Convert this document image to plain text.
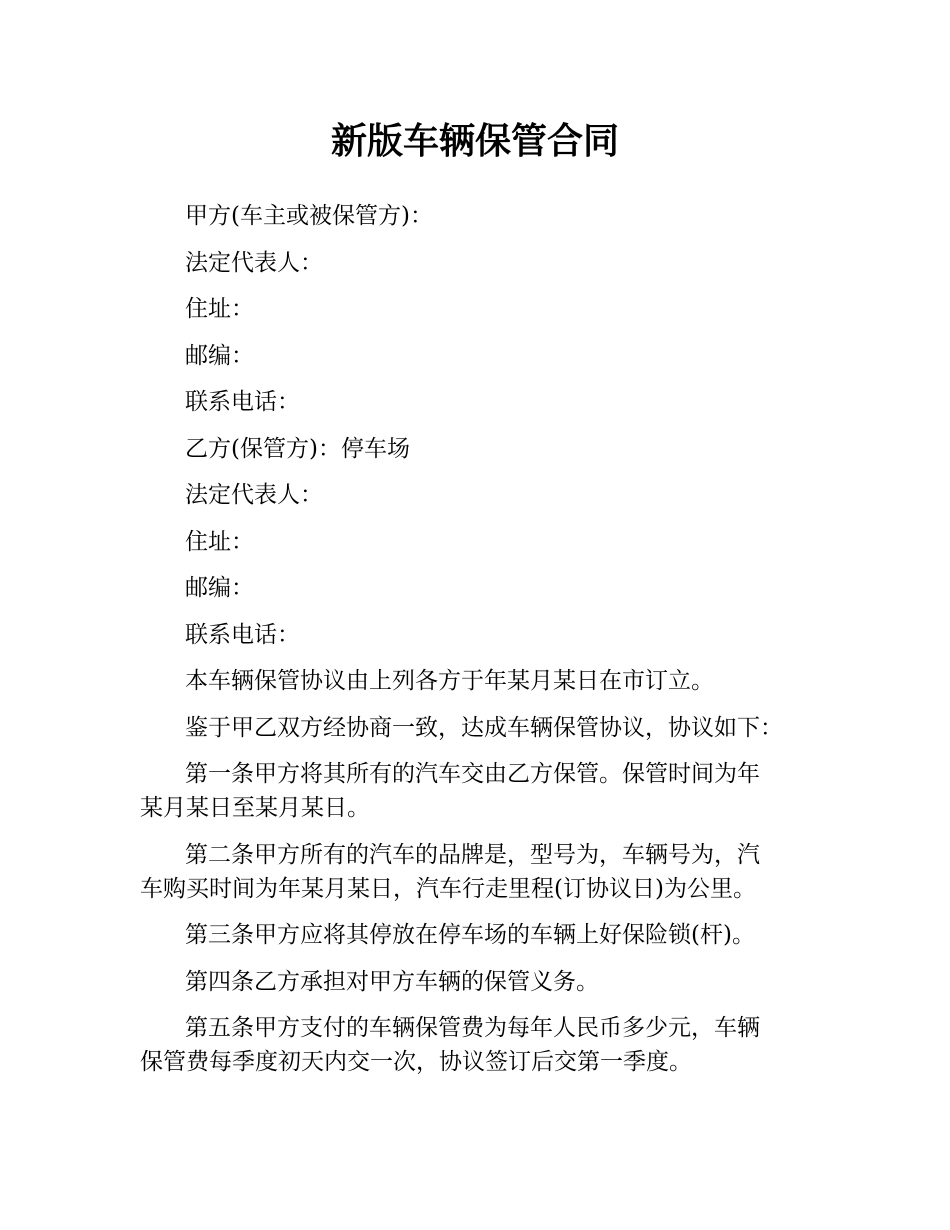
新版车辆保管合同

甲方(车主或被保管方)：

法定代表人：

住址：

邮编：

联系电话：

乙方(保管方)：停车场

法定代表人：

住址：

邮编：

联系电话：

本车辆保管协议由上列各方于年某月某日在市订立。

鉴于甲乙双方经协商一致，达成车辆保管协议，协议如下：

第一条甲方将其所有的汽车交由乙方保管。保管时间为年
某月某日至某月某日。

第二条甲方所有的汽车的品牌是，型号为，车辆号为，汽
车购买时间为年某月某日，汽车行走里程(订协议日)为公里。

第三条甲方应将其停放在停车场的车辆上好保险锁(杆)。

第四条乙方承担对甲方车辆的保管义务。

第五条甲方支付的车辆保管费为每年人民币多少元，车辆
保管费每季度初天内交一次，协议签订后交第一季度。
